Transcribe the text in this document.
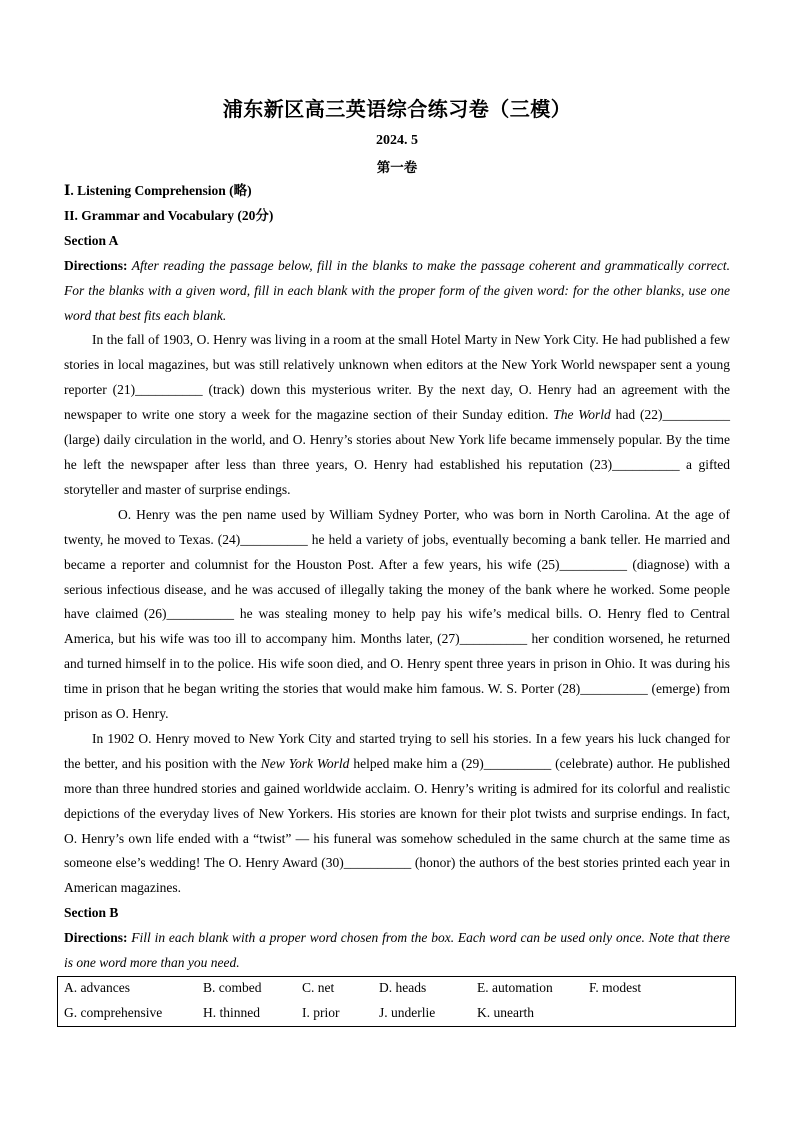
浦东新区高三英语综合练习卷（三模）
2024. 5
第一卷

Ⅰ. Listening Comprehension (略)

II. Grammar and Vocabulary (20分)

Section A

Directions: After reading the passage below, fill in the blanks to make the passage coherent and grammatically correct. For the blanks with a given word, fill in each blank with the proper form of the given word: for the other blanks, use one word that best fits each blank.

In the fall of 1903, O. Henry was living in a room at the small Hotel Marty in New York City. He had published a few stories in local magazines, but was still relatively unknown when editors at the New York World newspaper sent a young reporter (21)__________ (track) down this mysterious writer. By the next day, O. Henry had an agreement with the newspaper to write one story a week for the magazine section of their Sunday edition. The World had (22)__________ (large) daily circulation in the world, and O. Henry’s stories about New York life became immensely popular. By the time he left the newspaper after less than three years, O. Henry had established his reputation (23)__________ a gifted storyteller and master of surprise endings.

O. Henry was the pen name used by William Sydney Porter, who was born in North Carolina. At the age of twenty, he moved to Texas. (24)__________ he held a variety of jobs, eventually becoming a bank teller. He married and became a reporter and columnist for the Houston Post. After a few years, his wife (25)__________ (diagnose) with a serious infectious disease, and he was accused of illegally taking the money of the bank where he worked. Some people have claimed (26)__________ he was stealing money to help pay his wife’s medical bills. O. Henry fled to Central America, but his wife was too ill to accompany him. Months later, (27)__________ her condition worsened, he returned and turned himself in to the police. His wife soon died, and O. Henry spent three years in prison in Ohio. It was during his time in prison that he began writing the stories that would make him famous. W. S. Porter (28)__________ (emerge) from prison as O. Henry.

In 1902 O. Henry moved to New York City and started trying to sell his stories. In a few years his luck changed for the better, and his position with the New York World helped make him a (29)__________ (celebrate) author. He published more than three hundred stories and gained worldwide acclaim. O. Henry’s writing is admired for its colorful and realistic depictions of the everyday lives of New Yorkers. His stories are known for their plot twists and surprise endings. In fact, O. Henry’s own life ended with a “twist” — his funeral was somehow scheduled in the same church at the same time as someone else’s wedding! The O. Henry Award (30)__________ (honor) the authors of the best stories printed each year in American magazines.

Section B

Directions: Fill in each blank with a proper word chosen from the box. Each word can be used only once. Note that there is one word more than you need.

A. advances	B. combed	C. net	D. heads	E. automation	F. modest
G. comprehensive	H. thinned	I. prior	J. underlie	K. unearth
